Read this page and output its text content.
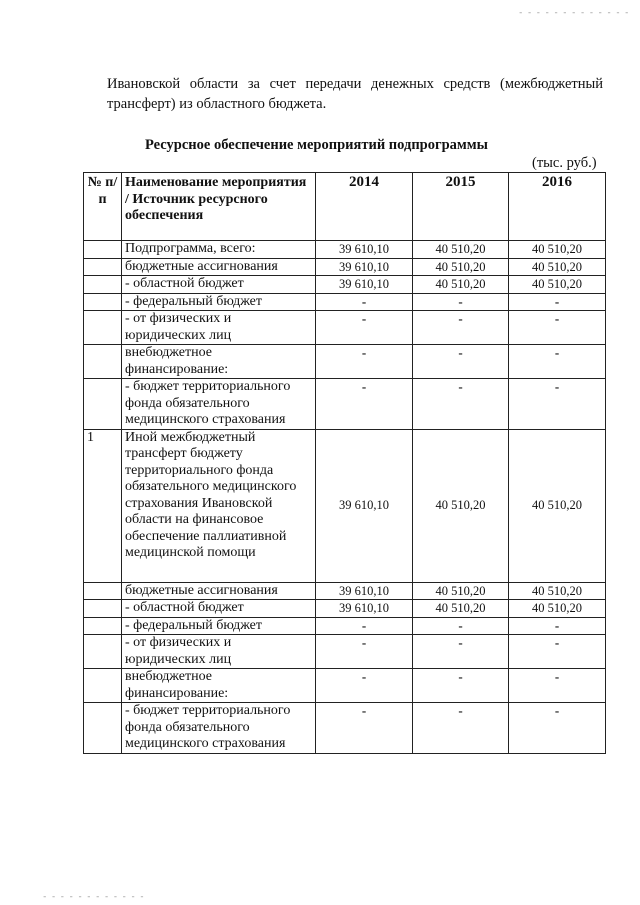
- - - - - - - - - - - - -
- - - - - - - - - - - -
Ивановской области за счет передачи денежных средств (межбюджетный трансферт) из областного бюджета.
Ресурсное обеспечение мероприятий подпрограммы
(тыс. руб.)
№ п/п	Наименование мероприятия / Источник ресурсного обеспечения	2014	2015	2016
	Подпрограмма, всего:	39 610,10	40 510,20	40 510,20
	бюджетные ассигнования	39 610,10	40 510,20	40 510,20
	- областной бюджет	39 610,10	40 510,20	40 510,20
	- федеральный бюджет	-	-	-
	- от физических и юридических лиц	-	-	-
	внебюджетное финансирование:	-	-	-
	- бюджет территориального фонда обязательного медицинского страхования	-	-	-
1	Иной межбюджетный трансферт бюджету территориального фонда обязательного медицинского страхования Ивановской области на финансовое обеспечение паллиативной медицинской помощи	39 610,10	40 510,20	40 510,20
	бюджетные ассигнования	39 610,10	40 510,20	40 510,20
	- областной бюджет	39 610,10	40 510,20	40 510,20
	- федеральный бюджет	-	-	-
	- от физических и юридических лиц	-	-	-
	внебюджетное финансирование:	-	-	-
	- бюджет территориального фонда обязательного медицинского страхования	-	-	-
